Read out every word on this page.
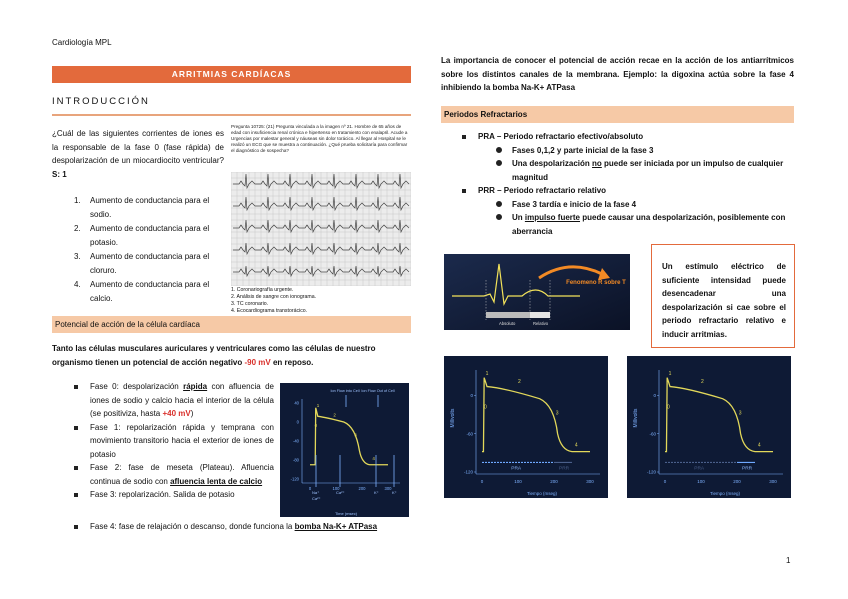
Cardiología MPL
ARRITMIAS CARDÍACAS
INTRODUCCIÓN
¿Cuál de las siguientes corrientes de iones es la responsable de la fase 0 (fase rápida) de despolarización de un miocardiocito ventricular? S: 1
1. Aumento de conductancia para el sodio.
2. Aumento de conductancia para el potasio.
3. Aumento de conductancia para el cloruro.
4. Aumento de conductancia para el calcio.
Pregunta 10725: (21) Pregunta vinculada a la imagen nº 21. Hombre de 65 años de edad con insuficiencia renal crónica e hipertenso en tratamiento con enalapril. Acude a Urgencias por malestar general y náuseas sin dolor torácico. Al llegar al Hospital se le realizó un ECG que se muestra a continuación. ¿Qué prueba solicitaría para confirmar el diagnóstico de sospecha?
1. Coronariografía urgente.
2. Análisis de sangre con ionograma.
3. TC coronario.
4. Ecocardiograma transtorácico.
Potencial de acción de la célula cardíaca
Tanto las células musculares auriculares y ventriculares como las células de nuestro organismo tienen un potencial de acción negativo -90 mV en reposo.
Fase 0: despolarización rápida con afluencia de iones de sodio y calcio hacia el interior de la célula (se positiviza, hasta +40 mV)
Fase 1: repolarización rápida y temprana con movimiento transitorio hacia el exterior de iones de potasio
Fase 2: fase de meseta (Plateau). Afluencia continua de sodio con afluencia lenta de calcio
Fase 3: repolarización. Salida de potasio
Fase 4: fase de relajación o descanso, donde funciona la bomba Na-K+ ATPasa
Ion Flow into Cell Ion Flow Out of Cell
40
0
-40
-80
-120
0	100	200	300
0
1
2
3
4
Na⁺
Ca²⁺
Ca²⁺	K⁺	K⁺
Time (msec)
La importancia de conocer el potencial de acción recae en la acción de los antiarrítmicos sobre los distintos canales de la membrana. Ejemplo: la digoxina actúa sobre la fase 4 inhibiendo la bomba Na-K+ ATPasa
Periodos Refractarios
PRA – Periodo refractario efectivo/absoluto
Fases 0,1,2 y parte inicial de la fase 3
Una despolarización no puede ser iniciada por un impulso de cualquier magnitud
PRR – Periodo refractario relativo
Fase 3 tardía e inicio de la fase 4
Un impulso fuerte puede causar una despolarización, posiblemente con aberrancia
Absoluto	Relativo
Fenomeno R sobre T
Un estímulo eléctrico de suficiente intensidad puede desencadenar una despolarización si cae sobre el periodo refractario relativo e inducir arritmias.
0
-60
-120
0	100	200	300
0
1
2
3
4
PRA	PRR
Millivolts
Tiempo (mseg)
0
-60
-120
0	100	200	300
0
1
2
3
4
PRA	PRR
Millivolts
Tiempo (mseg)
1
